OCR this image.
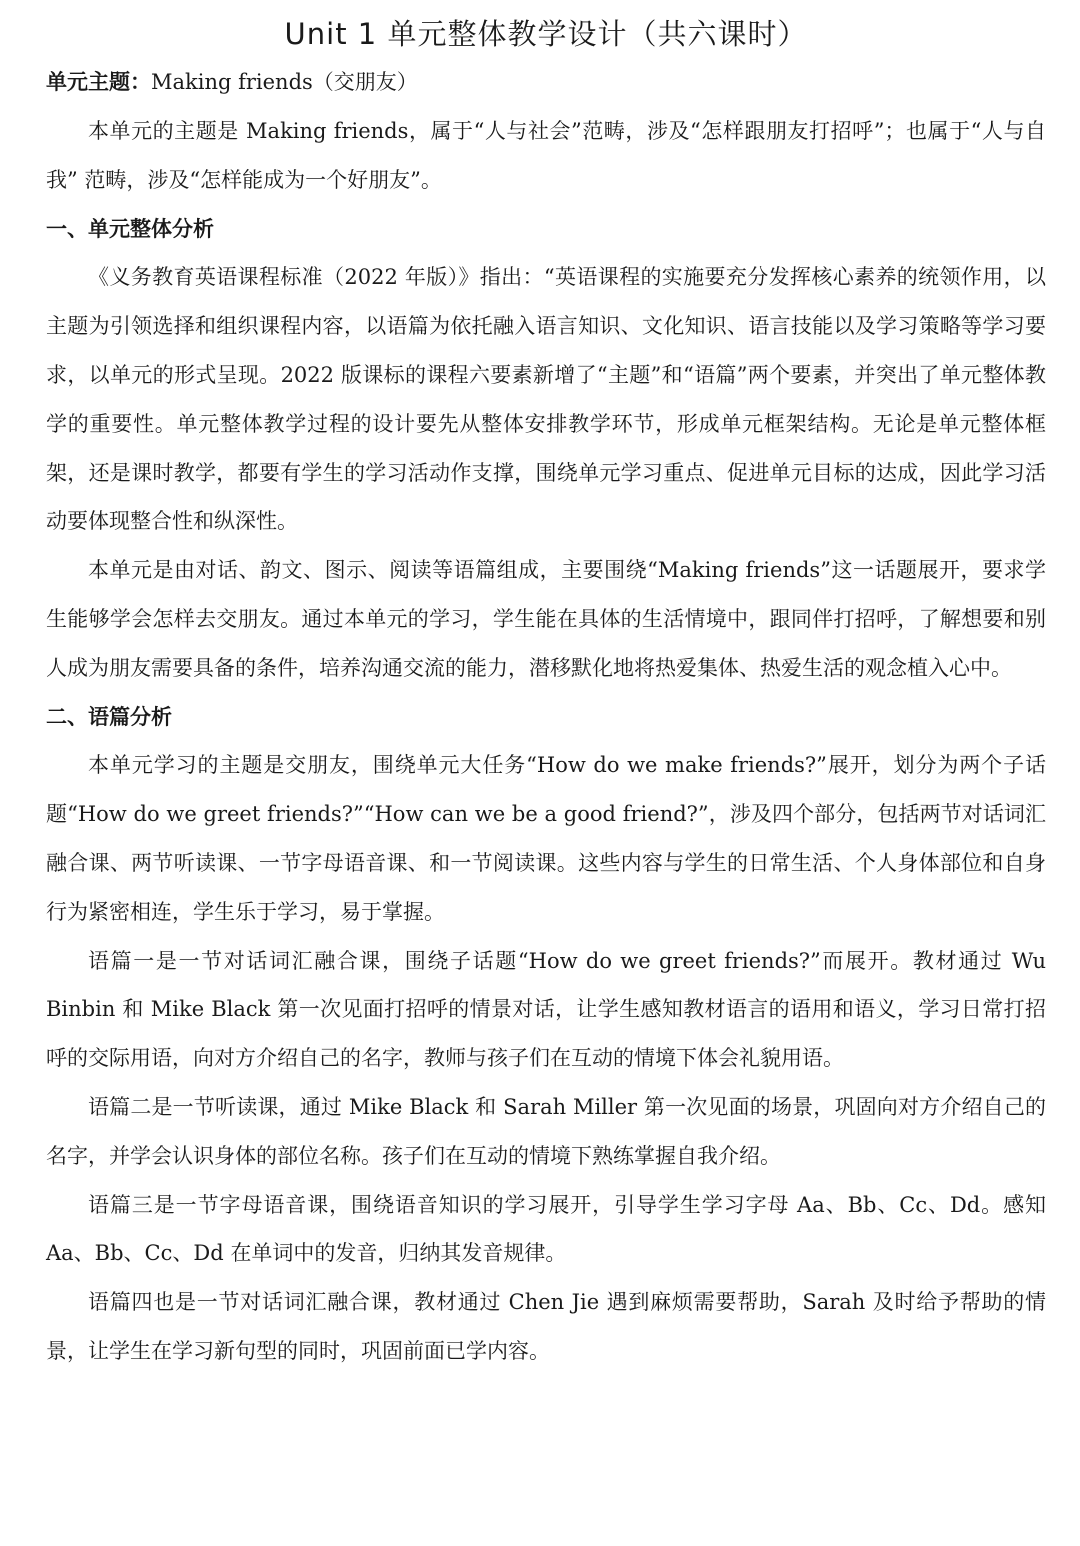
Unit 1 单元整体教学设计（共六课时）

单元主题：Making friends（交朋友）

本单元的主题是 Making friends，属于“人与社会”范畴，涉及“怎样跟朋友打招呼”；也属于“人与自我” 范畴，涉及“怎样能成为一个好朋友”。

一、单元整体分析

《义务教育英语课程标准（2022 年版）》指出：“英语课程的实施要充分发挥核心素养的统领作用，以主题为引领选择和组织课程内容，以语篇为依托融入语言知识、文化知识、语言技能以及学习策略等学习要求，以单元的形式呈现。2022 版课标的课程六要素新增了“主题”和“语篇”两个要素，并突出了单元整体教学的重要性。单元整体教学过程的设计要先从整体安排教学环节，形成单元框架结构。无论是单元整体框架，还是课时教学，都要有学生的学习活动作支撑，围绕单元学习重点、促进单元目标的达成，因此学习活动要体现整合性和纵深性。

本单元是由对话、韵文、图示、阅读等语篇组成，主要围绕“Making friends”这一话题展开，要求学生能够学会怎样去交朋友。通过本单元的学习，学生能在具体的生活情境中，跟同伴打招呼，了解想要和别人成为朋友需要具备的条件，培养沟通交流的能力，潜移默化地将热爱集体、热爱生活的观念植入心中。

二、语篇分析

本单元学习的主题是交朋友，围绕单元大任务“How do we make friends?”展开，划分为两个子话题“How do we greet friends?”“How can we be a good friend?”，涉及四个部分，包括两节对话词汇融合课、两节听读课、一节字母语音课、和一节阅读课。这些内容与学生的日常生活、个人身体部位和自身行为紧密相连，学生乐于学习，易于掌握。

语篇一是一节对话词汇融合课，围绕子话题“How do we greet friends?”而展开。教材通过 Wu Binbin 和 Mike Black 第一次见面打招呼的情景对话，让学生感知教材语言的语用和语义，学习日常打招呼的交际用语，向对方介绍自己的名字，教师与孩子们在互动的情境下体会礼貌用语。

语篇二是一节听读课，通过 Mike Black 和 Sarah Miller 第一次见面的场景，巩固向对方介绍自己的名字，并学会认识身体的部位名称。孩子们在互动的情境下熟练掌握自我介绍。

语篇三是一节字母语音课，围绕语音知识的学习展开，引导学生学习字母 Aa、Bb、Cc、Dd。感知 Aa、Bb、Cc、Dd 在单词中的发音，归纳其发音规律。

语篇四也是一节对话词汇融合课，教材通过 Chen Jie 遇到麻烦需要帮助，Sarah 及时给予帮助的情景，让学生在学习新句型的同时，巩固前面已学内容。
